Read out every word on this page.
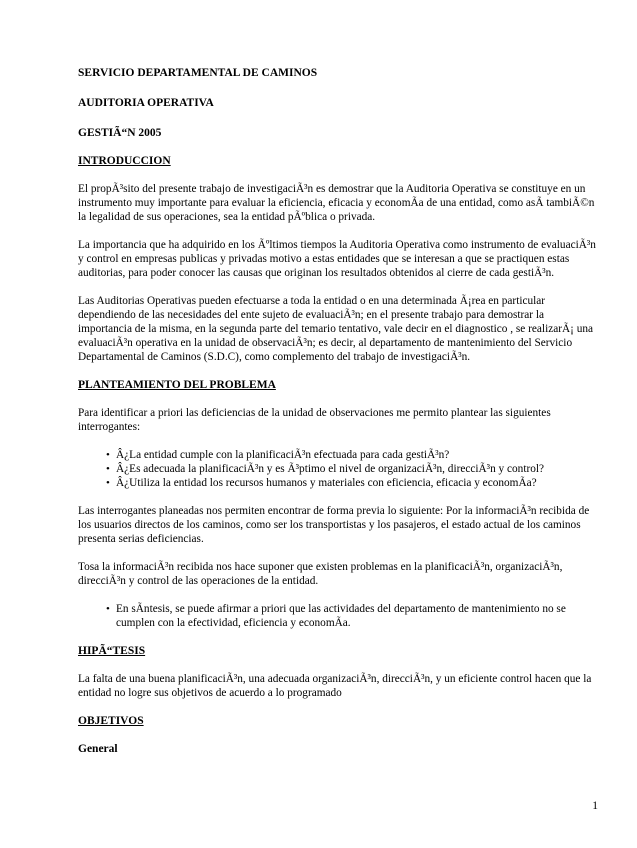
SERVICIO DEPARTAMENTAL DE CAMINOS
AUDITORIA OPERATIVA
GESTIÃ“N 2005
INTRODUCCION

El propÃ³sito del presente trabajo de investigaciÃ³n es demostrar que la Auditoria Operativa se constituye en un instrumento muy importante para evaluar la eficiencia, eficacia y economÃa de una entidad, como asÃ tambiÃ©n la legalidad de sus operaciones, sea la entidad pÃºblica o privada.

La importancia que ha adquirido en los Ãºltimos tiempos la Auditoria Operativa como instrumento de evaluaciÃ³n y control en empresas publicas y privadas motivo a estas entidades que se interesan a que se practiquen estas auditorias, para poder conocer las causas que originan los resultados obtenidos al cierre de cada gestiÃ³n.

Las Auditorias Operativas pueden efectuarse a toda la entidad o en una determinada Ã¡rea en particular dependiendo de las necesidades del ente sujeto de evaluaciÃ³n; en el presente trabajo para demostrar la importancia de la misma, en la segunda parte del temario tentativo, vale decir en el diagnostico , se realizarÃ¡ una evaluaciÃ³n operativa en la unidad de observaciÃ³n; es decir, al departamento de mantenimiento del Servicio Departamental de Caminos (S.D.C), como complemento del trabajo de investigaciÃ³n.

PLANTEAMIENTO DEL PROBLEMA

Para identificar a priori las deficiencias de la unidad de observaciones me permito plantear las siguientes interrogantes:

• Â¿La entidad cumple con la planificaciÃ³n efectuada para cada gestiÃ³n?
• Â¿Es adecuada la planificaciÃ³n y es Ã³ptimo el nivel de organizaciÃ³n, direcciÃ³n y control?
• Â¿Utiliza la entidad los recursos humanos y materiales con eficiencia, eficacia y economÃa?

Las interrogantes planeadas nos permiten encontrar de forma previa lo siguiente: Por la informaciÃ³n recibida de los usuarios directos de los caminos, como ser los transportistas y los pasajeros, el estado actual de los caminos presenta serias deficiencias.

Tosa la informaciÃ³n recibida nos hace suponer que existen problemas en la planificaciÃ³n, organizaciÃ³n, direcciÃ³n y control de las operaciones de la entidad.

• En sÃntesis, se puede afirmar a priori que las actividades del departamento de mantenimiento no se cumplen con la efectividad, eficiencia y economÃa.
HIPÃ“TESIS

La falta de una buena planificaciÃ³n, una adecuada organizaciÃ³n, direcciÃ³n, y un eficiente control hacen que la entidad no logre sus objetivos de acuerdo a lo programado

OBJETIVOS
General
1
